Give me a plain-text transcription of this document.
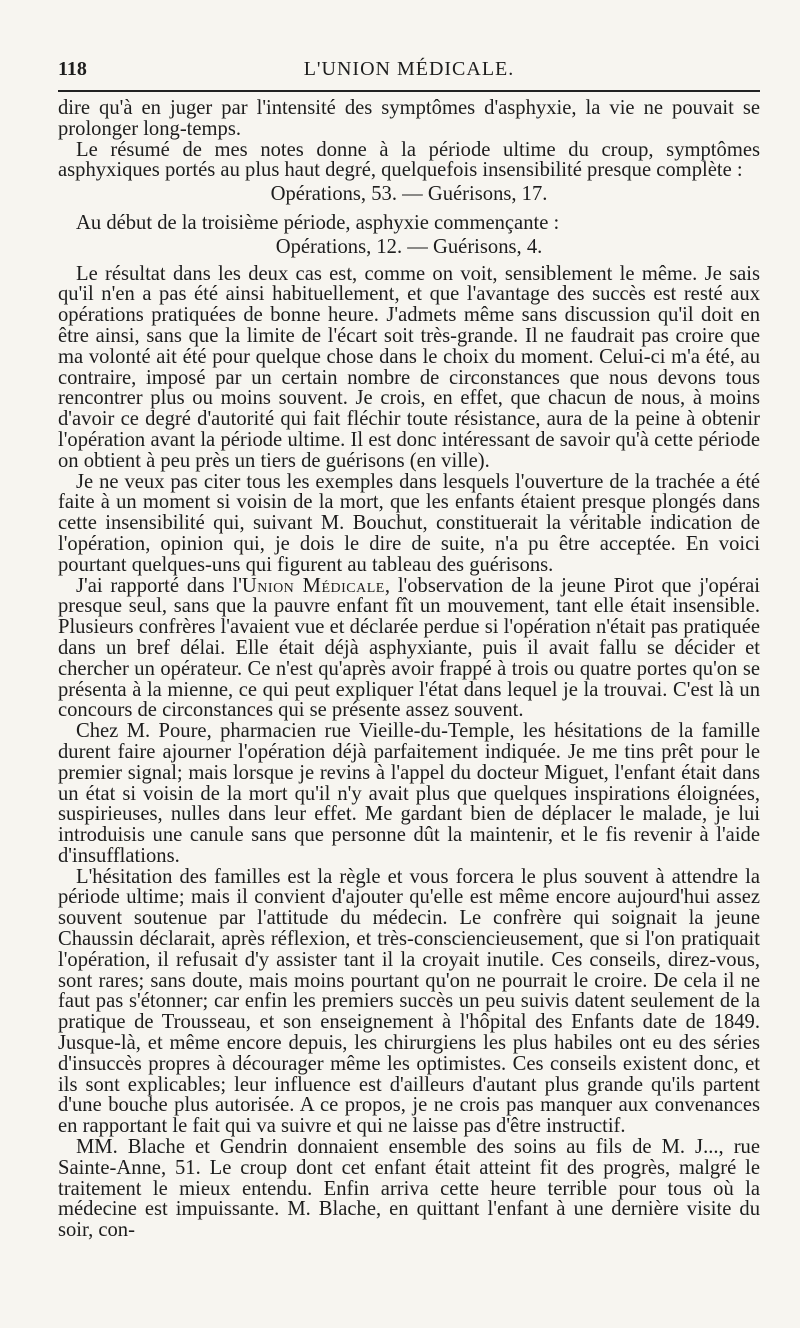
118	L'UNION MÉDICALE.

dire qu'à en juger par l'intensité des symptômes d'asphyxie, la vie ne pouvait se prolonger long-temps.

Le résumé de mes notes donne à la période ultime du croup, symptômes asphyxiques portés au plus haut degré, quelquefois insensibilité presque complète :

Opérations, 53. — Guérisons, 17.

Au début de la troisième période, asphyxie commençante :

Opérations, 12. — Guérisons, 4.

Le résultat dans les deux cas est, comme on voit, sensiblement le même. Je sais qu'il n'en a pas été ainsi habituellement, et que l'avantage des succès est resté aux opérations pratiquées de bonne heure. J'admets même sans discussion qu'il doit en être ainsi, sans que la limite de l'écart soit très-grande. Il ne faudrait pas croire que ma volonté ait été pour quelque chose dans le choix du moment. Celui-ci m'a été, au contraire, imposé par un certain nombre de circonstances que nous devons tous rencontrer plus ou moins souvent. Je crois, en effet, que chacun de nous, à moins d'avoir ce degré d'autorité qui fait fléchir toute résistance, aura de la peine à obtenir l'opération avant la période ultime. Il est donc intéressant de savoir qu'à cette période on obtient à peu près un tiers de guérisons (en ville).

Je ne veux pas citer tous les exemples dans lesquels l'ouverture de la trachée a été faite à un moment si voisin de la mort, que les enfants étaient presque plongés dans cette insensibilité qui, suivant M. Bouchut, constituerait la véritable indication de l'opération, opinion qui, je dois le dire de suite, n'a pu être acceptée. En voici pourtant quelques-uns qui figurent au tableau des guérisons.

J'ai rapporté dans l'Union Médicale, l'observation de la jeune Pirot que j'opérai presque seul, sans que la pauvre enfant fît un mouvement, tant elle était insensible. Plusieurs confrères l'avaient vue et déclarée perdue si l'opération n'était pas pratiquée dans un bref délai. Elle était déjà asphyxiante, puis il avait fallu se décider et chercher un opérateur. Ce n'est qu'après avoir frappé à trois ou quatre portes qu'on se présenta à la mienne, ce qui peut expliquer l'état dans lequel je la trouvai. C'est là un concours de circonstances qui se présente assez souvent.

Chez M. Poure, pharmacien rue Vieille-du-Temple, les hésitations de la famille durent faire ajourner l'opération déjà parfaitement indiquée. Je me tins prêt pour le premier signal; mais lorsque je revins à l'appel du docteur Miguet, l'enfant était dans un état si voisin de la mort qu'il n'y avait plus que quelques inspirations éloignées, suspirieuses, nulles dans leur effet. Me gardant bien de déplacer le malade, je lui introduisis une canule sans que personne dût la maintenir, et le fis revenir à l'aide d'insufflations.

L'hésitation des familles est la règle et vous forcera le plus souvent à attendre la période ultime; mais il convient d'ajouter qu'elle est même encore aujourd'hui assez souvent soutenue par l'attitude du médecin. Le confrère qui soignait la jeune Chaussin déclarait, après réflexion, et très-consciencieusement, que si l'on pratiquait l'opération, il refusait d'y assister tant il la croyait inutile. Ces conseils, direz-vous, sont rares; sans doute, mais moins pourtant qu'on ne pourrait le croire. De cela il ne faut pas s'étonner; car enfin les premiers succès un peu suivis datent seulement de la pratique de Trousseau, et son enseignement à l'hôpital des Enfants date de 1849. Jusque-là, et même encore depuis, les chirurgiens les plus habiles ont eu des séries d'insuccès propres à décourager même les optimistes. Ces conseils existent donc, et ils sont explicables; leur influence est d'ailleurs d'autant plus grande qu'ils partent d'une bouche plus autorisée. A ce propos, je ne crois pas manquer aux convenances en rapportant le fait qui va suivre et qui ne laisse pas d'être instructif.

MM. Blache et Gendrin donnaient ensemble des soins au fils de M. J..., rue Sainte-Anne, 51. Le croup dont cet enfant était atteint fit des progrès, malgré le traitement le mieux entendu. Enfin arriva cette heure terrible pour tous où la médecine est impuissante. M. Blache, en quittant l'enfant à une dernière visite du soir, con-
